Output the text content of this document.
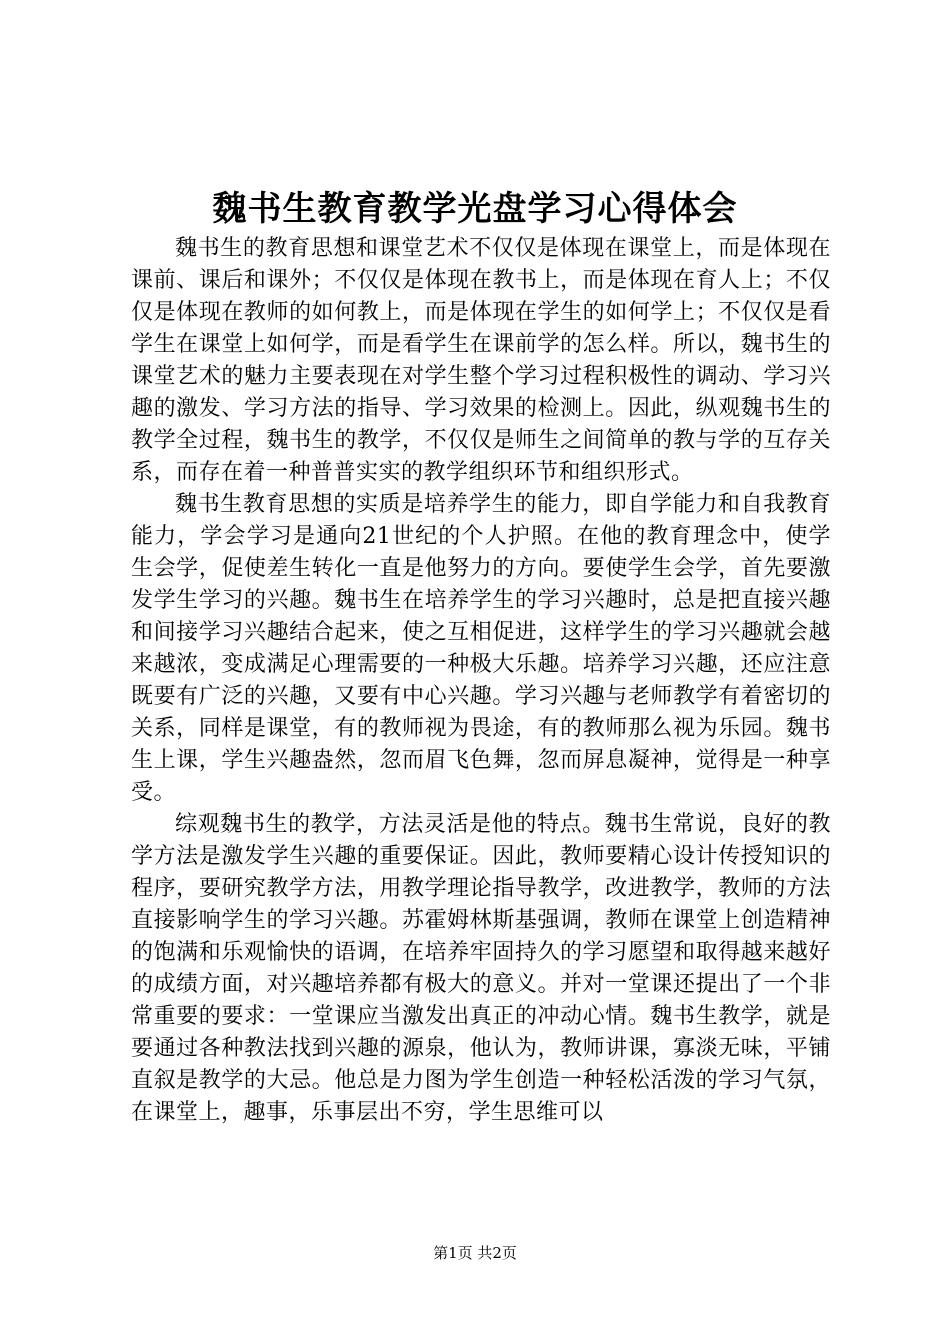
魏书生教育教学光盘学习心得体会

魏书生的教育思想和课堂艺术不仅仅是体现在课堂上，而是体现在课前、课后和课外；不仅仅是体现在教书上，而是体现在育人上；不仅仅是体现在教师的如何教上，而是体现在学生的如何学上；不仅仅是看学生在课堂上如何学，而是看学生在课前学的怎么样。所以，魏书生的课堂艺术的魅力主要表现在对学生整个学习过程积极性的调动、学习兴趣的激发、学习方法的指导、学习效果的检测上。因此，纵观魏书生的教学全过程，魏书生的教学，不仅仅是师生之间简单的教与学的互存关系，而存在着一种普普实实的教学组织环节和组织形式。

魏书生教育思想的实质是培养学生的能力，即自学能力和自我教育能力，学会学习是通向21世纪的个人护照。在他的教育理念中，使学生会学，促使差生转化一直是他努力的方向。要使学生会学，首先要激发学生学习的兴趣。魏书生在培养学生的学习兴趣时，总是把直接兴趣和间接学习兴趣结合起来，使之互相促进，这样学生的学习兴趣就会越来越浓，变成满足心理需要的一种极大乐趣。培养学习兴趣，还应注意既要有广泛的兴趣，又要有中心兴趣。学习兴趣与老师教学有着密切的关系，同样是课堂，有的教师视为畏途，有的教师那么视为乐园。魏书生上课，学生兴趣盎然，忽而眉飞色舞，忽而屏息凝神，觉得是一种享受。

综观魏书生的教学，方法灵活是他的特点。魏书生常说，良好的教学方法是激发学生兴趣的重要保证。因此，教师要精心设计传授知识的程序，要研究教学方法，用教学理论指导教学，改进教学，教师的方法直接影响学生的学习兴趣。苏霍姆林斯基强调，教师在课堂上创造精神的饱满和乐观愉快的语调，在培养牢固持久的学习愿望和取得越来越好的成绩方面，对兴趣培养都有极大的意义。并对一堂课还提出了一个非常重要的要求：一堂课应当激发出真正的冲动心情。魏书生教学，就是要通过各种教法找到兴趣的源泉，他认为，教师讲课，寡淡无味，平铺直叙是教学的大忌。他总是力图为学生创造一种轻松活泼的学习气氛，在课堂上，趣事，乐事层出不穷，学生思维可以

第1页 共2页
